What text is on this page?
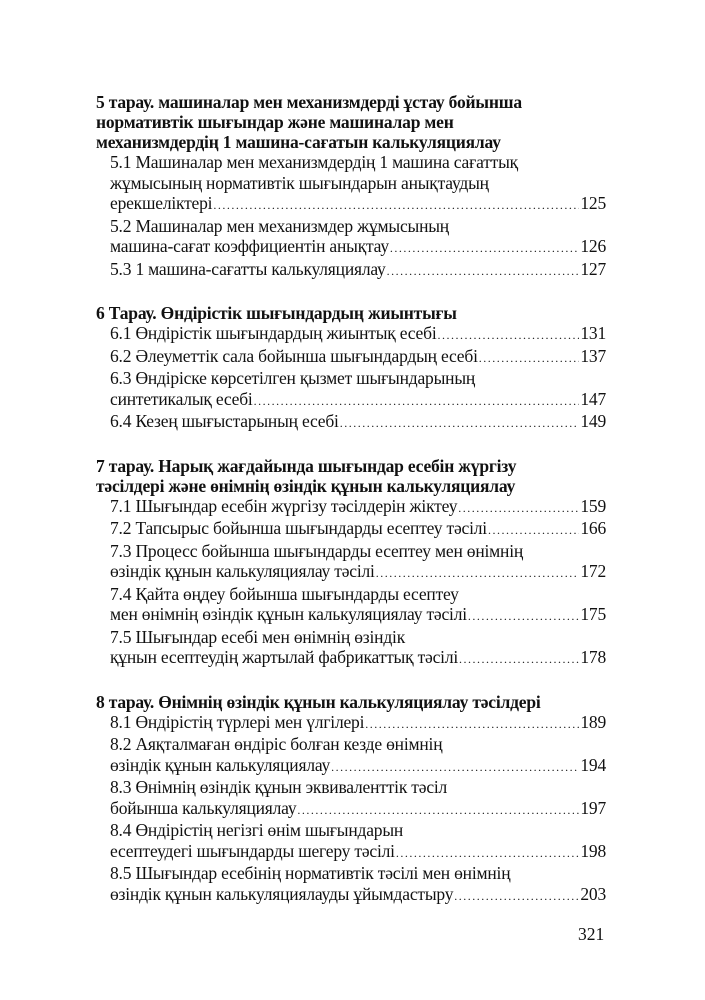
5 тарау. машиналар мен механизмдерді ұстау бойынша
нормативтік шығындар және машиналар мен
механизмдердің 1 машина-сағатын калькуляциялау
5.1 Машиналар мен механизмдердің 1 машина сағаттық
жұмысының нормативтік шығындарын анықтаудың
ерекшеліктері .....	125
5.2 Машиналар мен механизмдер жұмысының
машина-сағат коэффициентін анықтау .....	126
5.3 1 машина-сағатты калькуляциялау .....	127
6 Тарау. Өндірістік шығындардың жиынтығы
6.1 Өндірістік шығындардың жиынтық есебі .....	131
6.2 Әлеуметтік сала бойынша шығындардың есебі .....	137
6.3 Өндіріске көрсетілген қызмет шығындарының
синтетикалық есебі .....	147
6.4 Кезең шығыстарының есебі .....	149
7 тарау. Нарық жағдайында шығындар есебін жүргізу
тәсілдері және өнімнің өзіндік құнын калькуляциялау
7.1 Шығындар есебін жүргізу тәсілдерін жіктеу .....	159
7.2 Тапсырыс бойынша шығындарды есептеу тәсілі .....	166
7.3 Процесс бойынша шығындарды есептеу мен өнімнің
өзіндік құнын калькуляциялау тәсілі .....	172
7.4 Қайта өңдеу бойынша шығындарды есептеу
мен өнімнің өзіндік құнын калькуляциялау тәсілі .....	175
7.5 Шығындар есебі мен өнімнің өзіндік
құнын есептеудің жартылай фабрикаттық тәсілі .....	178
8 тарау. Өнімнің өзіндік құнын калькуляциялау тәсілдері
8.1 Өндірістің түрлері мен үлгілері .....	189
8.2 Аяқталмаған өндіріс болған кезде өнімнің
өзіндік құнын калькуляциялау .....	194
8.3 Өнімнің өзіндік құнын эквиваленттік тәсіл
бойынша калькуляциялау .....	197
8.4 Өндірістің негізгі өнім шығындарын
есептеудегі шығындарды шегеру тәсілі .....	198
8.5 Шығындар есебінің нормативтік тәсілі мен өнімнің
өзіндік құнын калькуляциялауды ұйымдастыру .....	203
321
